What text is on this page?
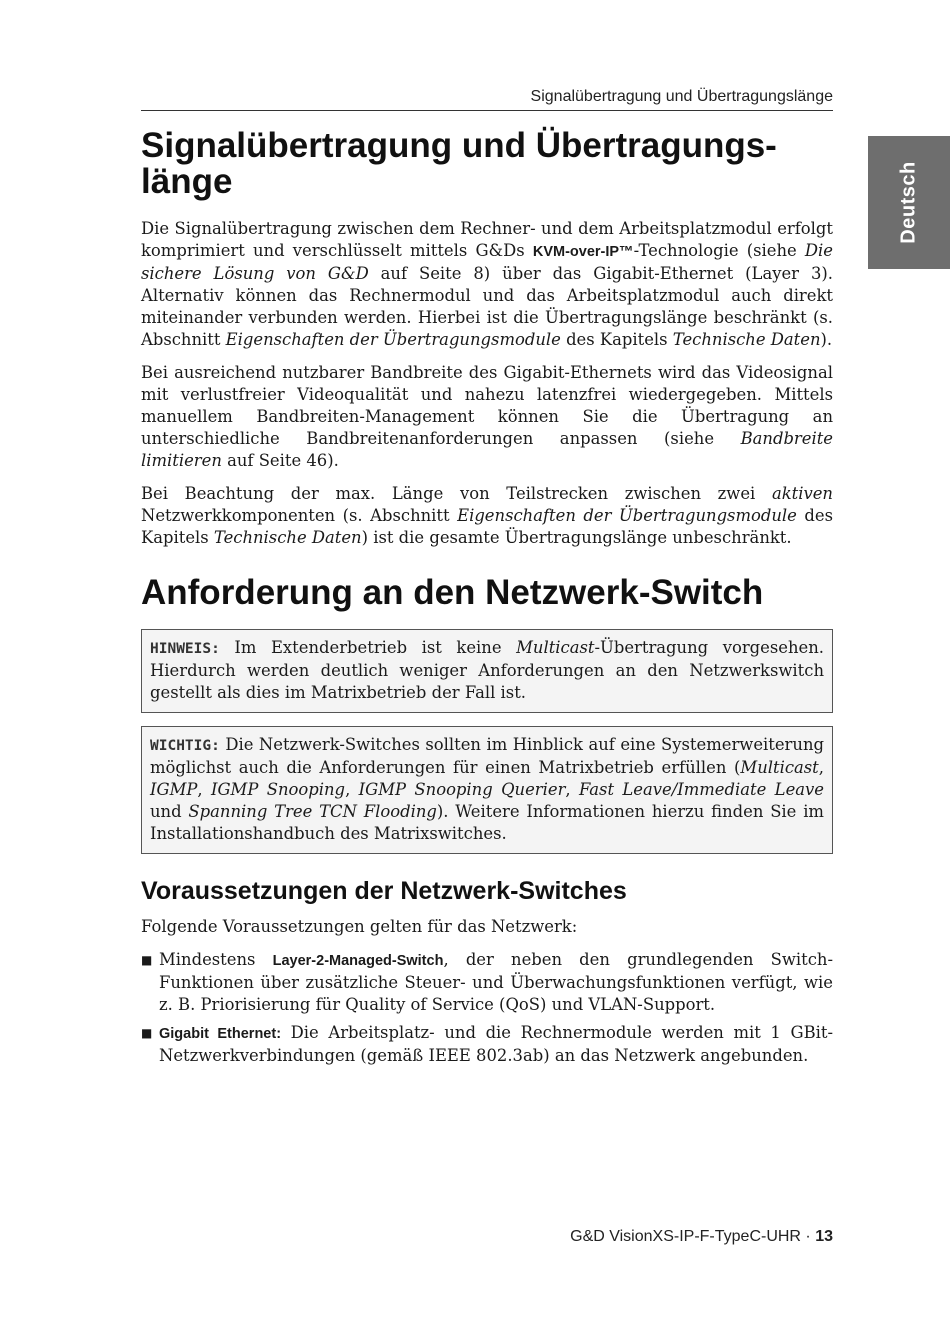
Signalübertragung und Übertragungslänge
Deutsch
Signalübertragung und Übertragungs-
länge

Die Signalübertragung zwischen dem Rechner- und dem Arbeitsplatzmodul erfolgt komprimiert und verschlüsselt mittels G&Ds KVM-over-IP™-Technologie (siehe Die sichere Lösung von G&D auf Seite 8) über das Gigabit-Ethernet (Layer 3). Alternativ können das Rechnermodul und das Arbeitsplatzmodul auch direkt miteinander verbunden werden. Hierbei ist die Übertragungslänge beschränkt (s. Abschnitt Eigenschaften der Übertragungsmodule des Kapitels Technische Daten).

Bei ausreichend nutzbarer Bandbreite des Gigabit-Ethernets wird das Videosignal mit verlustfreier Videoqualität und nahezu latenzfrei wiedergegeben. Mittels manuellem Bandbreiten-Management können Sie die Übertragung an unterschiedliche Bandbreitenanforderungen anpassen (siehe Bandbreite limitieren auf Seite 46).

Bei Beachtung der max. Länge von Teilstrecken zwischen zwei aktiven Netzwerkkomponenten (s. Abschnitt Eigenschaften der Übertragungsmodule des Kapitels Technische Daten) ist die gesamte Übertragungslänge unbeschränkt.

Anforderung an den Netzwerk-Switch
HINWEIS: Im Extenderbetrieb ist keine Multicast-Übertragung vorgesehen. Hierdurch werden deutlich weniger Anforderungen an den Netzwerkswitch gestellt als dies im Matrixbetrieb der Fall ist.
WICHTIG: Die Netzwerk-Switches sollten im Hinblick auf eine Systemerweiterung möglichst auch die Anforderungen für einen Matrixbetrieb erfüllen (Multicast, IGMP, IGMP Snooping, IGMP Snooping Querier, Fast Leave/Immediate Leave und Spanning Tree TCN Flooding). Weitere Informationen hierzu finden Sie im Installationshandbuch des Matrixswitches.
Voraussetzungen der Netzwerk-Switches

Folgende Voraussetzungen gelten für das Netzwerk:

■ Mindestens Layer-2-Managed-Switch, der neben den grundlegenden Switch-Funktionen über zusätzliche Steuer- und Überwachungsfunktionen verfügt, wie z. B. Priorisierung für Quality of Service (QoS) und VLAN-Support.
■ Gigabit Ethernet: Die Arbeitsplatz- und die Rechnermodule werden mit 1 GBit-Netzwerkverbindungen (gemäß IEEE 802.3ab) an das Netzwerk angebunden.
G&D VisionXS-IP-F-TypeC-UHR · 13
